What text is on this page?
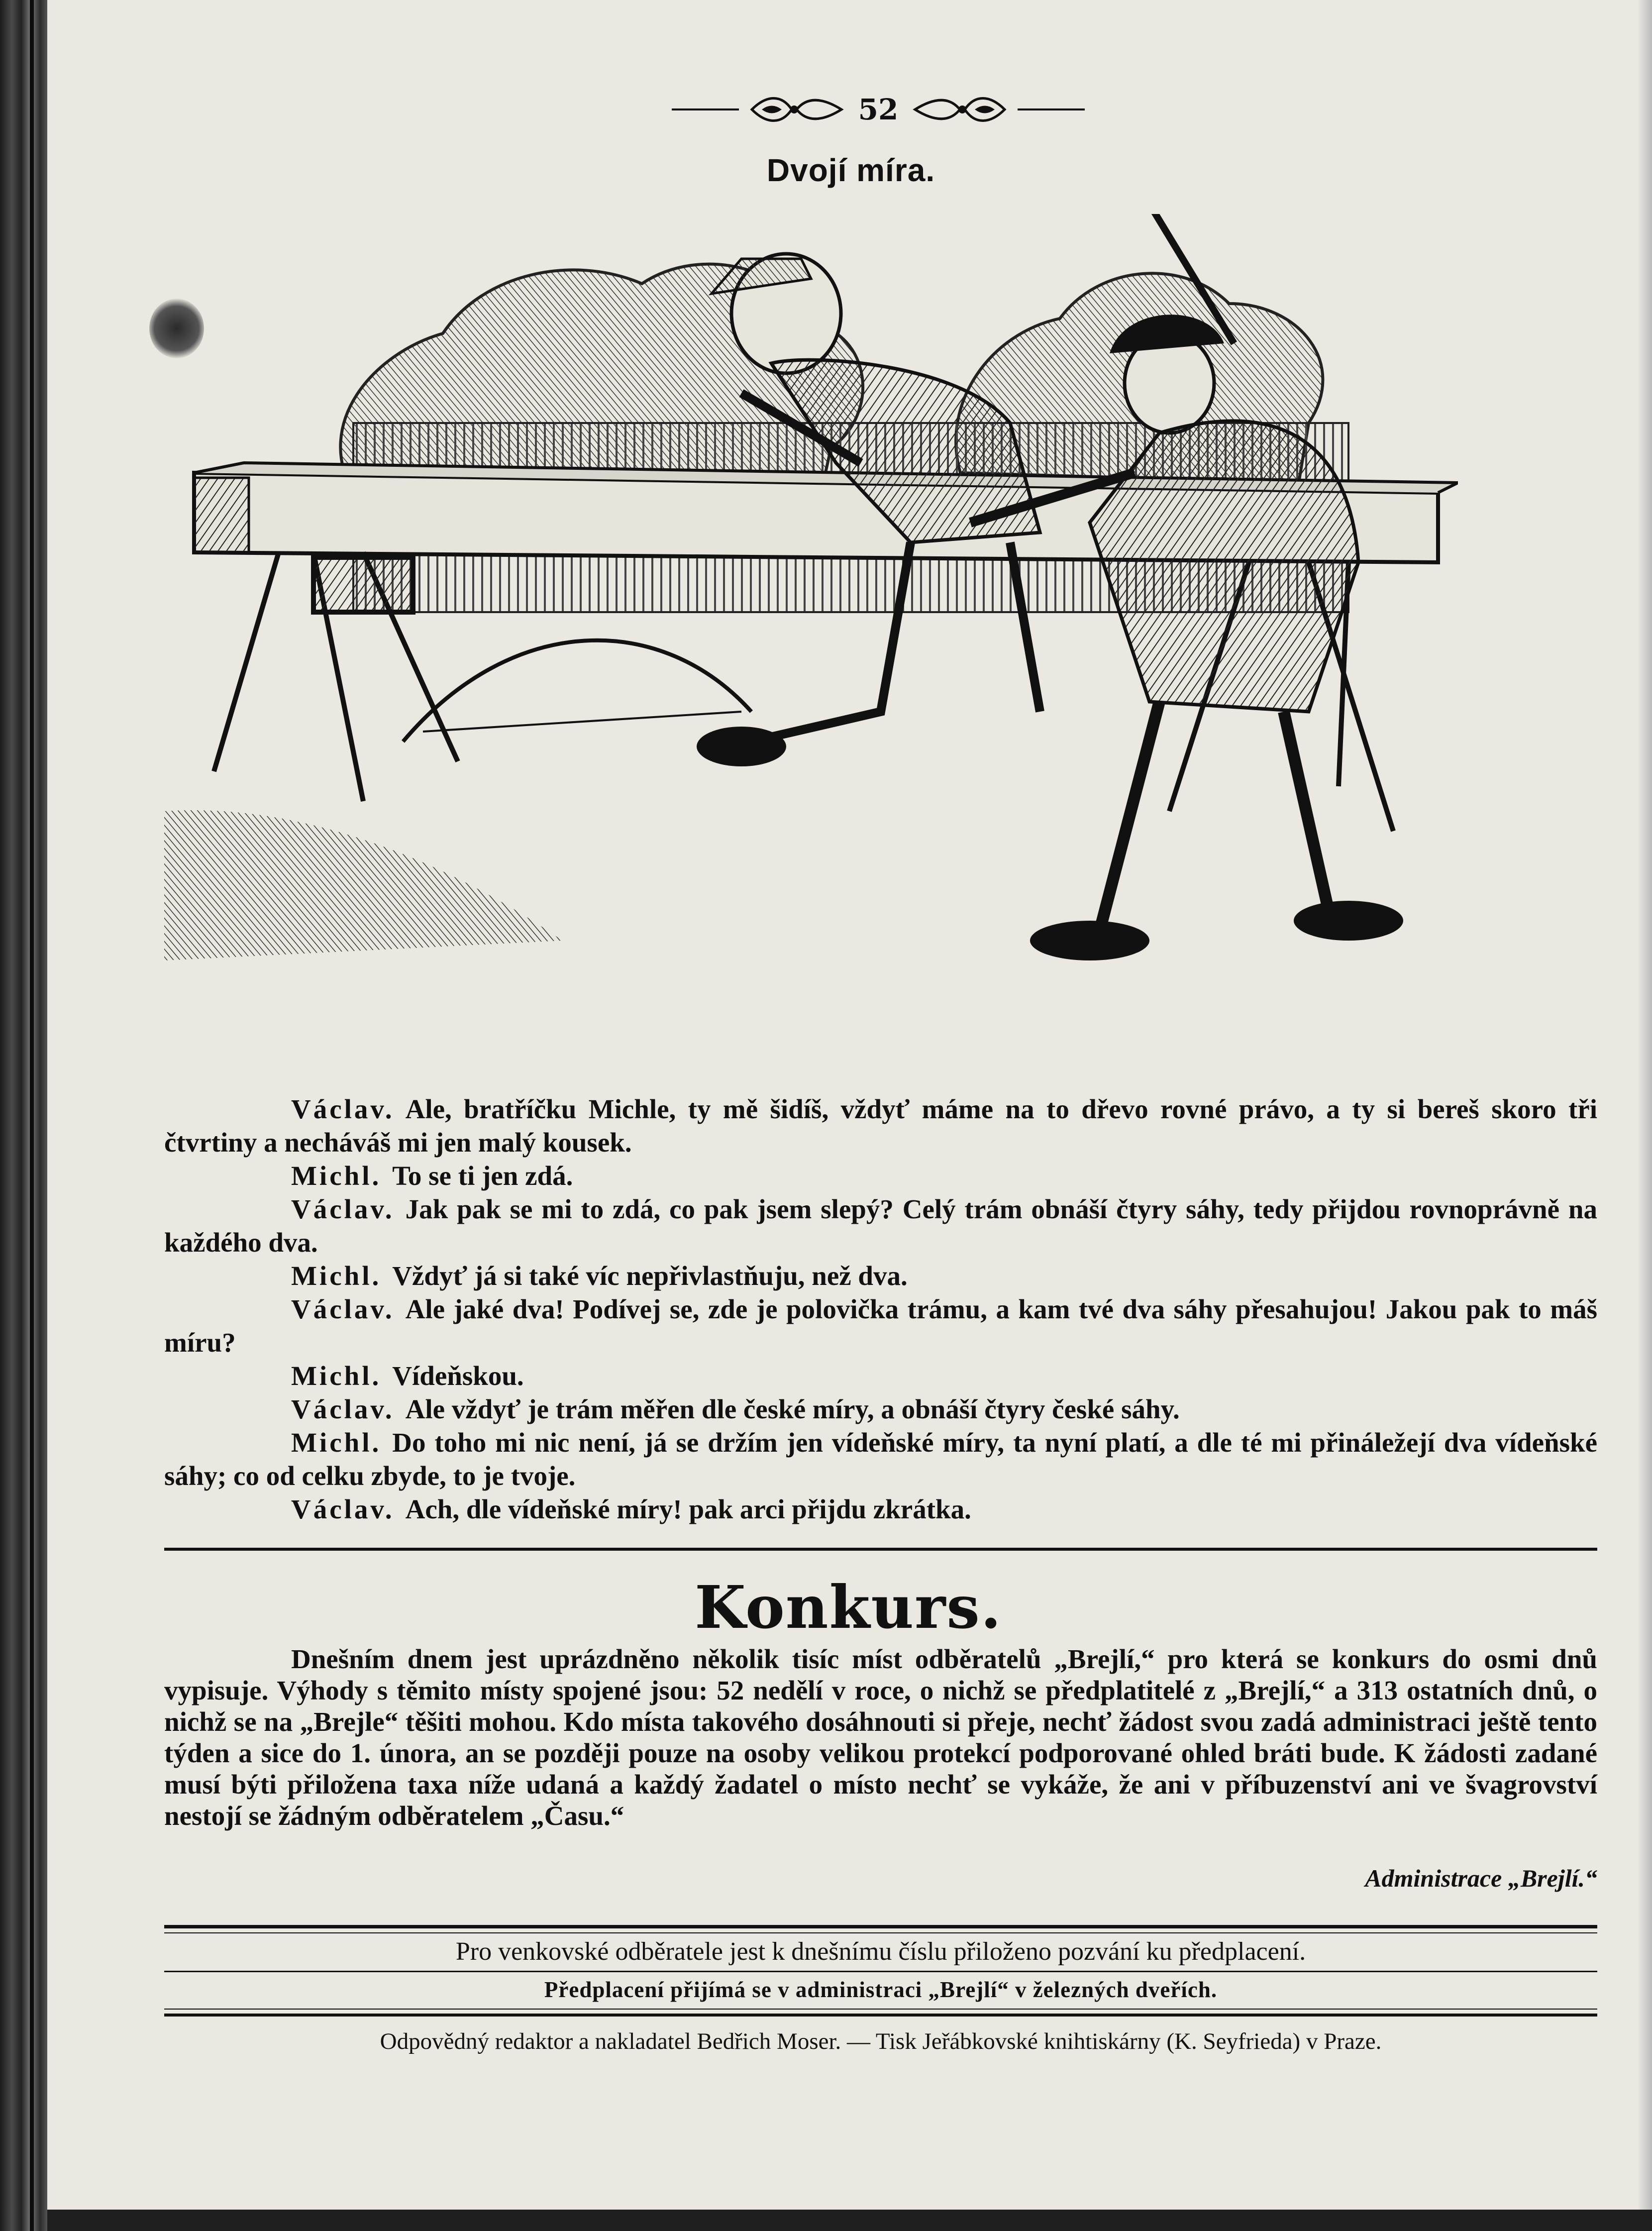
52
Dvojí míra.

Václav. Ale, bratříčku Michle, ty mě šidíš, vždyť máme na to dřevo rovné právo, a ty si bereš skoro tři čtvrtiny a necháváš mi jen malý kousek.

Michl. To se ti jen zdá.

Václav. Jak pak se mi to zdá, co pak jsem slepý? Celý trám obnáší čtyry sáhy, tedy přijdou rovnoprávně na každého dva.

Michl. Vždyť já si také víc nepřivlastňuju, než dva.

Václav. Ale jaké dva! Podívej se, zde je polovička trámu, a kam tvé dva sáhy přesahujou! Jakou pak to máš míru?

Michl. Vídeňskou.

Václav. Ale vždyť je trám měřen dle české míry, a obnáší čtyry české sáhy.

Michl. Do toho mi nic není, já se držím jen vídeňské míry, ta nyní platí, a dle té mi přináležejí dva vídeňské sáhy; co od celku zbyde, to je tvoje.

Václav. Ach, dle vídeňské míry! pak arci přijdu zkrátka.

Konkurs.

Dnešním dnem jest uprázdněno několik tisíc míst odběratelů „Brejlí,“ pro která se konkurs do osmi dnů vypisuje. Výhody s těmito místy spojené jsou: 52 nedělí v roce, o nichž se předplatitelé z „Brejlí,“ a 313 ostatních dnů, o nichž se na „Brejle“ těšiti mohou. Kdo místa takového dosáhnouti si přeje, nechť žádost svou zadá administraci ještě tento týden a sice do 1. února, an se později pouze na osoby velikou protekcí podporované ohled bráti bude. K žádosti zadané musí býti přiložena taxa níže udaná a každý žadatel o místo nechť se vykáže, že ani v příbuzenství ani ve švagrovství nestojí se žádným odběratelem „Času.“

Administrace „Brejlí.“
Pro venkovské odběratele jest k dnešnímu číslu přiloženo pozvání ku předplacení.
Předplacení přijímá se v administraci „Brejlí“ v železných dveřích.
Odpovědný redaktor a nakladatel Bedřich Moser. — Tisk Jeřábkovské knihtiskárny (K. Seyfrieda) v Praze.
